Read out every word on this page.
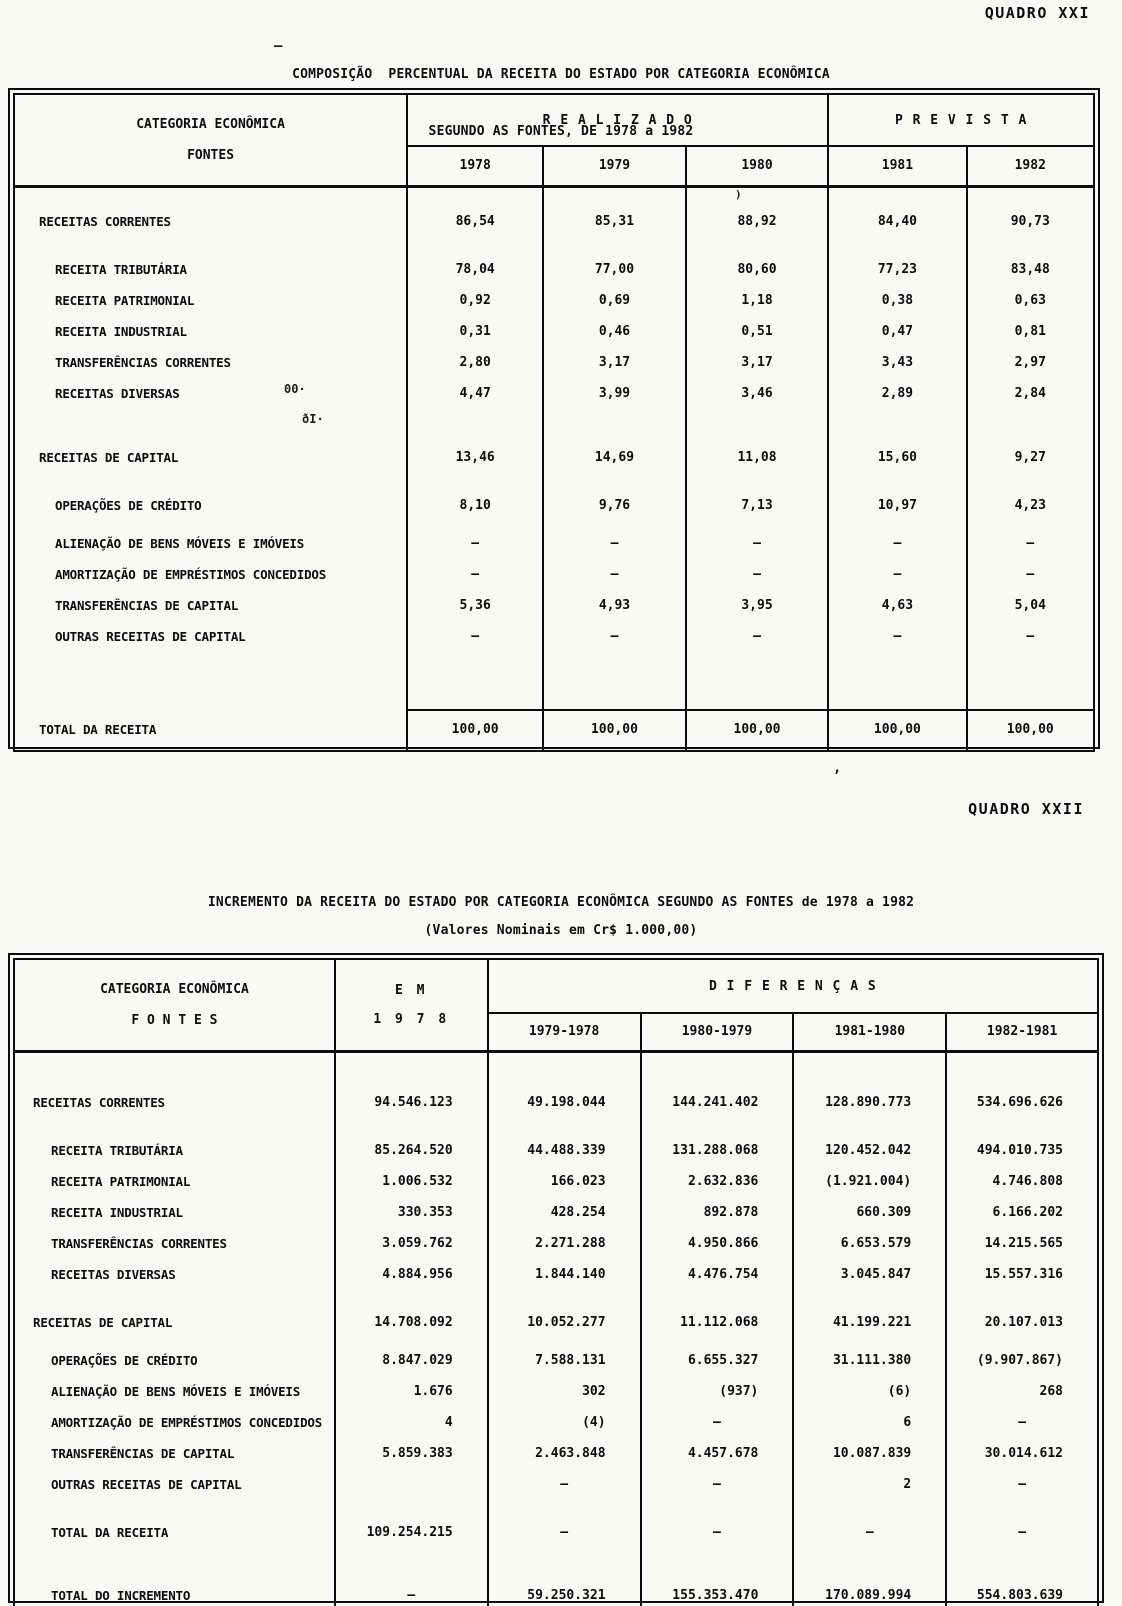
QUADRO XXI

COMPOSIÇÃO  PERCENTUAL DA RECEITA DO ESTADO POR CATEGORIA ECONÔMICA

SEGUNDO AS FONTES, DE 1978 a 1982

—
00·
ðI·
)
‚
CATEGORIA ECONÔMICA
FONTES	R E A L I Z A D O			P R E V I S T A	
	1978	1979	1980	1981	1982
RECEITAS CORRENTES	86,54	85,31	88,92	84,40	90,73
RECEITA TRIBUTÁRIA	78,04	77,00	80,60	77,23	83,48
RECEITA PATRIMONIAL	0,92	0,69	1,18	0,38	0,63
RECEITA INDUSTRIAL	0,31	0,46	0,51	0,47	0,81
TRANSFERÊNCIAS CORRENTES	2,80	3,17	3,17	3,43	2,97
RECEITAS DIVERSAS	4,47	3,99	3,46	2,89	2,84
RECEITAS DE CAPITAL	13,46	14,69	11,08	15,60	9,27
OPERAÇÕES DE CRÉDITO	8,10	9,76	7,13	10,97	4,23
ALIENAÇÃO DE BENS MÓVEIS E IMÓVEIS	–	–	–	–	–
AMORTIZAÇÃO DE EMPRÉSTIMOS CONCEDIDOS	–	–	–	–	–
TRANSFERÊNCIAS DE CAPITAL	5,36	4,93	3,95	4,63	5,04
OUTRAS RECEITAS DE CAPITAL	–	–	–	–	–

TOTAL DA RECEITA	100,00	100,00	100,00	100,00	100,00
QUADRO XXII
INCREMENTO DA RECEITA DO ESTADO POR CATEGORIA ECONÔMICA SEGUNDO AS FONTES de 1978 a 1982
(Valores Nominais em Cr$ 1.000,00)
CATEGORIA ECONÔMICA
F O N T E S

E M
1 9 7 8
	D I F E R E N Ç A S
		1979-1978	1980-1979	1981-1980	1982-1981
RECEITAS CORRENTES	94.546.123	49.198.044	144.241.402	128.890.773	534.696.626
RECEITA TRIBUTÁRIA	85.264.520	44.488.339	131.288.068	120.452.042	494.010.735
RECEITA PATRIMONIAL	1.006.532	166.023	2.632.836	(1.921.004)	4.746.808
RECEITA INDUSTRIAL	330.353	428.254	892.878	660.309	6.166.202
TRANSFERÊNCIAS CORRENTES	3.059.762	2.271.288	4.950.866	6.653.579	14.215.565
RECEITAS DIVERSAS	4.884.956	1.844.140	4.476.754	3.045.847	15.557.316
RECEITAS DE CAPITAL	14.708.092	10.052.277	11.112.068	41.199.221	20.107.013
OPERAÇÕES DE CRÉDITO	8.847.029	7.588.131	6.655.327	31.111.380	(9.907.867)
ALIENAÇÃO DE BENS MÓVEIS E IMÓVEIS	1.676	302	(937)	(6)	268
AMORTIZAÇÃO DE EMPRÉSTIMOS CONCEDIDOS	4	(4)	–	6	–
TRANSFERÊNCIAS DE CAPITAL	5.859.383	2.463.848	4.457.678	10.087.839	30.014.612
OUTRAS RECEITAS DE CAPITAL		–	–	2	–
TOTAL DA RECEITA	109.254.215	–	–	–	–

TOTAL DO INCREMENTO	–	59.250.321	155.353.470	170.089.994	554.803.639
